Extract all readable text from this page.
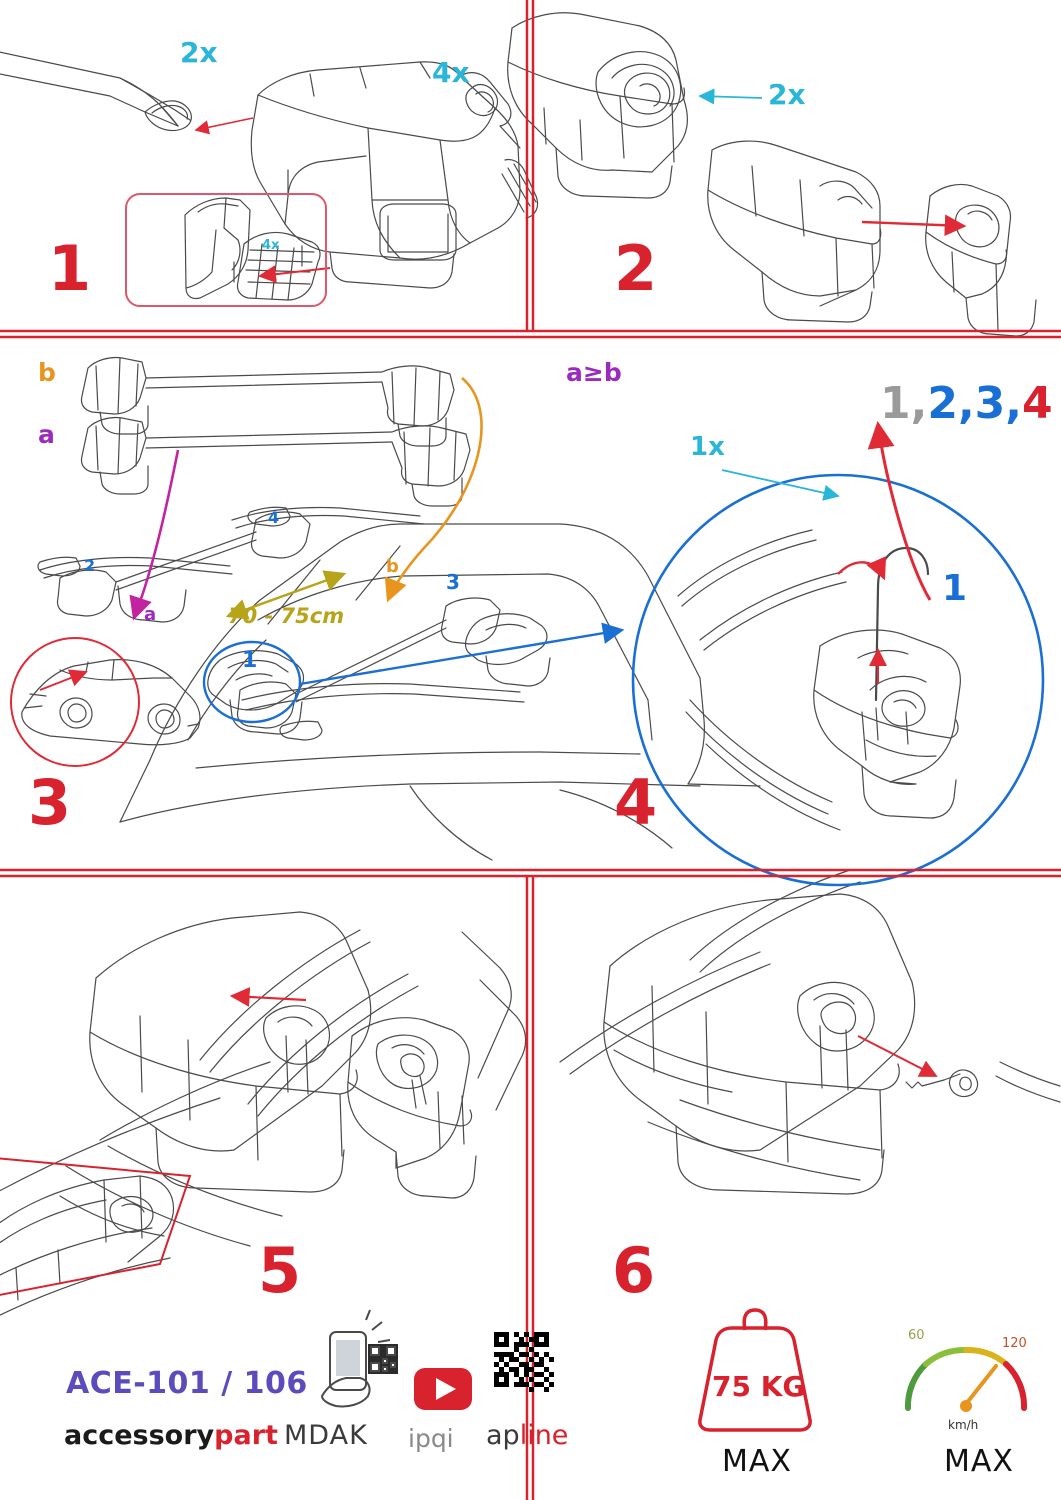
1	2
3	4
5	6
2x
4x
4x
2x
b
a
a≥b
70 - 75cm
a
b
1
2
3
4
1x
1
1,2,3,4
ACE-101 / 106
accessorypart MDAK ipqi apline
75 KG
MAX
60
120
km/h
MAX
